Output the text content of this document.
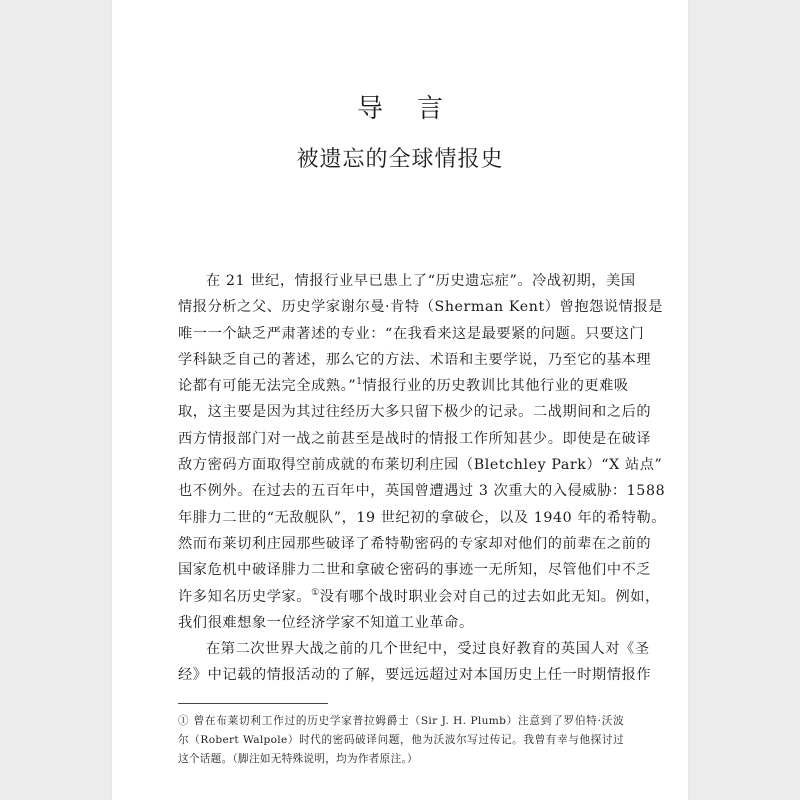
导言
被遗忘的全球情报史
在 21 世纪，情报行业早已患上了“历史遗忘症”。冷战初期，美国
情报分析之父、历史学家谢尔曼·肯特（Sherman Kent）曾抱怨说情报是
唯一一个缺乏严肃著述的专业：“在我看来这是最要紧的问题。只要这门
学科缺乏自己的著述，那么它的方法、术语和主要学说，乃至它的基本理
论都有可能无法完全成熟。”$^1$情报行业的历史教训比其他行业的更难吸
取，这主要是因为其过往经历大多只留下极少的记录。二战期间和之后的
西方情报部门对一战之前甚至是战时的情报工作所知甚少。即使是在破译
敌方密码方面取得空前成就的布莱切利庄园（Bletchley Park）“X 站点”
也不例外。在过去的五百年中，英国曾遭遇过 3 次重大的入侵威胁：1588
年腓力二世的“无敌舰队”，19 世纪初的拿破仑，以及 1940 年的希特勒。
然而布莱切利庄园那些破译了希特勒密码的专家却对他们的前辈在之前的
国家危机中破译腓力二世和拿破仑密码的事迹一无所知，尽管他们中不乏
许多知名历史学家。①没有哪个战时职业会对自己的过去如此无知。例如，
我们很难想象一位经济学家不知道工业革命。
在第二次世界大战之前的几个世纪中，受过良好教育的英国人对《圣
经》中记载的情报活动的了解，要远远超过对本国历史上任一时期情报作
① 曾在布莱切利工作过的历史学家普拉姆爵士（Sir J. H. Plumb）注意到了罗伯特·沃波
尔（Robert Walpole）时代的密码破译问题，他为沃波尔写过传记。我曾有幸与他探讨过
这个话题。（脚注如无特殊说明，均为作者原注。）
